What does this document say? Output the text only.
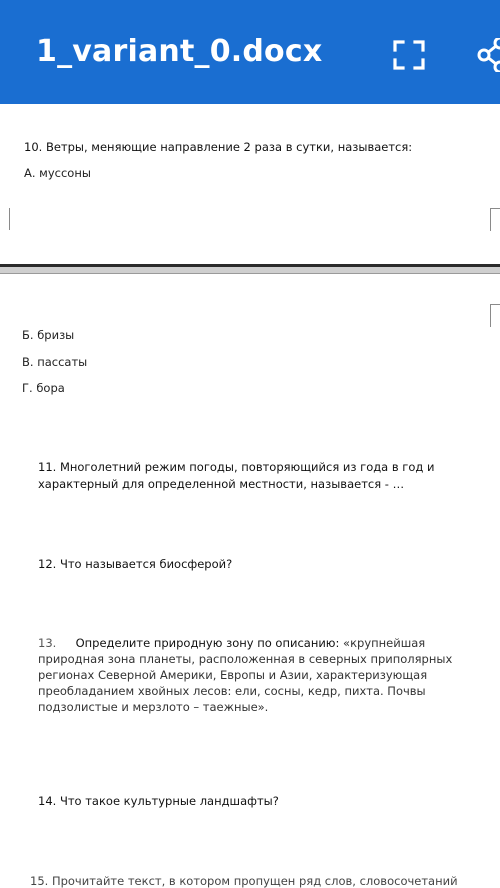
1_variant_0.docx
10. Ветры, меняющие направление 2 раза в сутки, называется:
А. муссоны
Б. бризы
В. пассаты
Г. бора
11. Многолетний режим погоды, повторяющийся из года в год и
характерный для определенной местности, называется - …
12. Что называется биосферой?
13. Определите природную зону по описанию: «крупнейшая природная зона планеты, расположенная в северных приполярных регионах Северной Америки, Европы и Азии, характеризующая преобладанием хвойных лесов: ели, сосны, кедр, пихта. Почвы подзолистые и мерзлото – таежные».
14. Что такое культурные ландшафты?
15. Прочитайте текст, в котором пропущен ряд слов, словосочетаний
